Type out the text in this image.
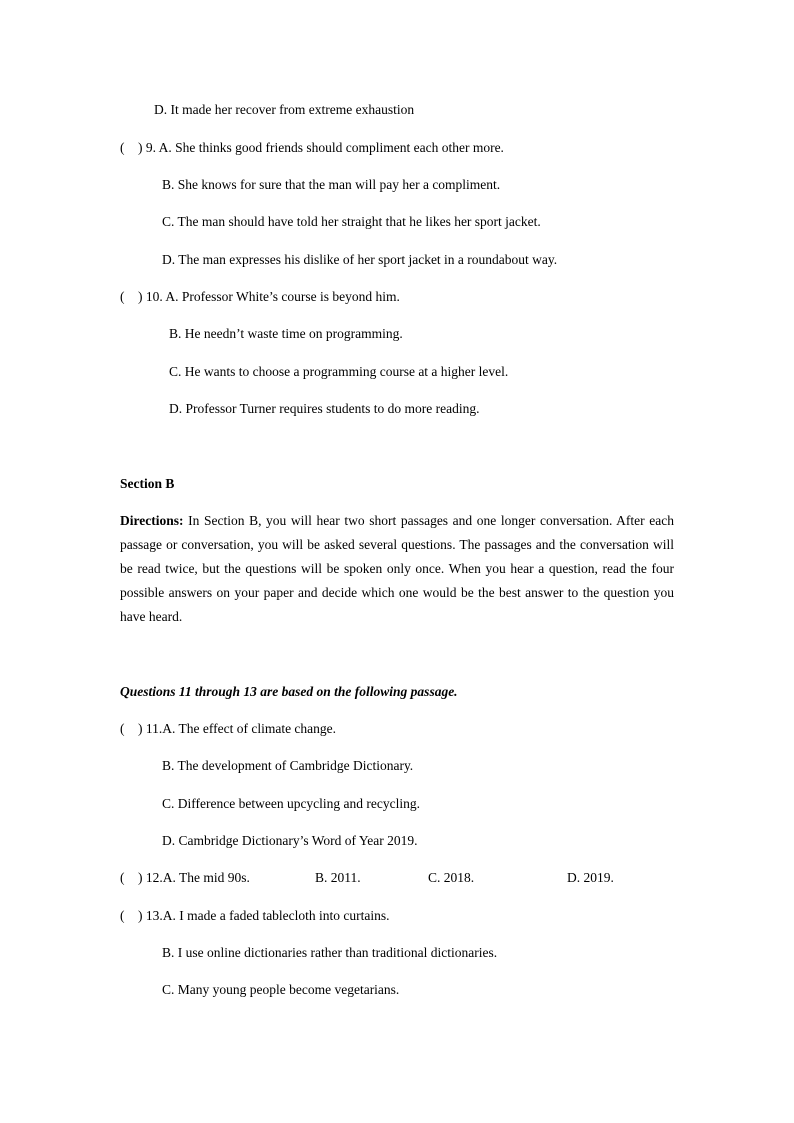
D. It made her recover from extreme exhaustion
(    ) 9. A. She thinks good friends should compliment each other more.
B. She knows for sure that the man will pay her a compliment.
C. The man should have told her straight that he likes her sport jacket.
D. The man expresses his dislike of her sport jacket in a roundabout way.
(    ) 10. A. Professor White’s course is beyond him.
B. He needn’t waste time on programming.
C. He wants to choose a programming course at a higher level.
D. Professor Turner requires students to do more reading.
Section B
Directions: In Section B, you will hear two short passages and one longer conversation. After each passage or conversation, you will be asked several questions. The passages and the conversation will be read twice, but the questions will be spoken only once. When you hear a question, read the four possible answers on your paper and decide which one would be the best answer to the question you have heard.
Questions 11 through 13 are based on the following passage.
(    ) 11.A. The effect of climate change.
B. The development of Cambridge Dictionary.
C. Difference between upcycling and recycling.
D. Cambridge Dictionary’s Word of Year 2019.
(    ) 12.A. The mid 90s.	B. 2011.	C. 2018.	D. 2019.
(    ) 13.A. I made a faded tablecloth into curtains.
B. I use online dictionaries rather than traditional dictionaries.
C. Many young people become vegetarians.
